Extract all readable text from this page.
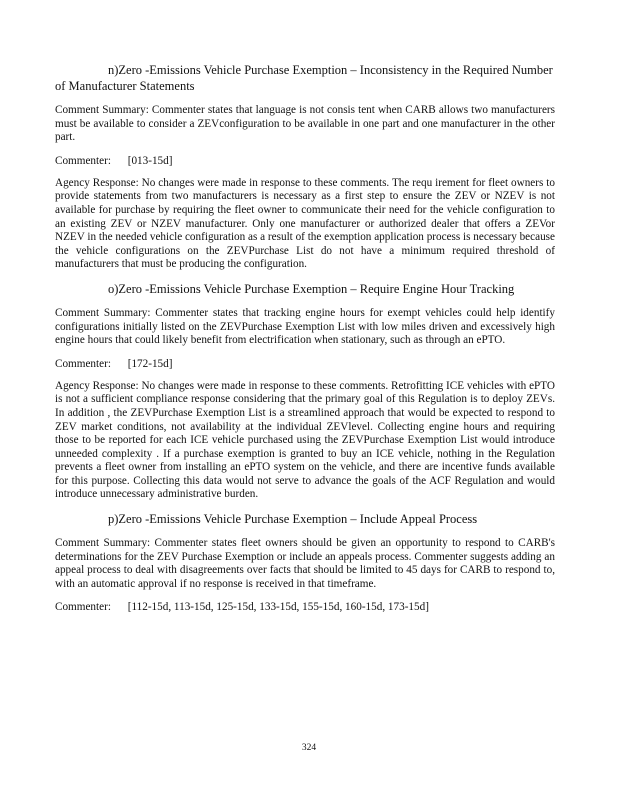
n)Zero -Emissions Vehicle Purchase Exemption – Inconsistency in the Required Number of Manufacturer Statements

Comment Summary: Commenter states that language is not consis tent when CARB allows two manufacturers must be available to consider a ZEVconfiguration to be available in one part and one manufacturer in the other part.

Commenter: [013-15d]

Agency Response: No changes were made in response to these comments. The requ irement for fleet owners to provide statements from two manufacturers is necessary as a first step to ensure the ZEV or NZEV is not available for purchase by requiring the fleet owner to communicate their need for the vehicle configuration to an existing ZEV or NZEV manufacturer. Only one manufacturer or authorized dealer that offers a ZEVor NZEV in the needed vehicle configuration as a result of the exemption application process is necessary because the vehicle configurations on the ZEVPurchase List do not have a minimum required threshold of manufacturers that must be producing the configuration.

o)Zero -Emissions Vehicle Purchase Exemption – Require Engine Hour Tracking

Comment Summary: Commenter states that tracking engine hours for exempt vehicles could help identify configurations initially listed on the ZEVPurchase Exemption List with low miles driven and excessively high engine hours that could likely benefit from electrification when stationary, such as through an ePTO.

Commenter: [172-15d]

Agency Response: No changes were made in response to these comments. Retrofitting ICE vehicles with ePTO is not a sufficient compliance response considering that the primary goal of this Regulation is to deploy ZEVs. In addition , the ZEVPurchase Exemption List is a streamlined approach that would be expected to respond to ZEV market conditions, not availability at the individual ZEVlevel. Collecting engine hours and requiring those to be reported for each ICE vehicle purchased using the ZEVPurchase Exemption List would introduce unneeded complexity . If a purchase exemption is granted to buy an ICE vehicle, nothing in the Regulation prevents a fleet owner from installing an ePTO system on the vehicle, and there are incentive funds available for this purpose. Collecting this data would not serve to advance the goals of the ACF Regulation and would introduce unnecessary administrative burden.

p)Zero -Emissions Vehicle Purchase Exemption – Include Appeal Process

Comment Summary: Commenter states fleet owners should be given an opportunity to respond to CARB's determinations for the ZEV Purchase Exemption or include an appeals process. Commenter suggests adding an appeal process to deal with disagreements over facts that should be limited to 45 days for CARB to respond to, with an automatic approval if no response is received in that timeframe.

Commenter: [112-15d, 113-15d, 125-15d, 133-15d, 155-15d, 160-15d, 173-15d]

324
